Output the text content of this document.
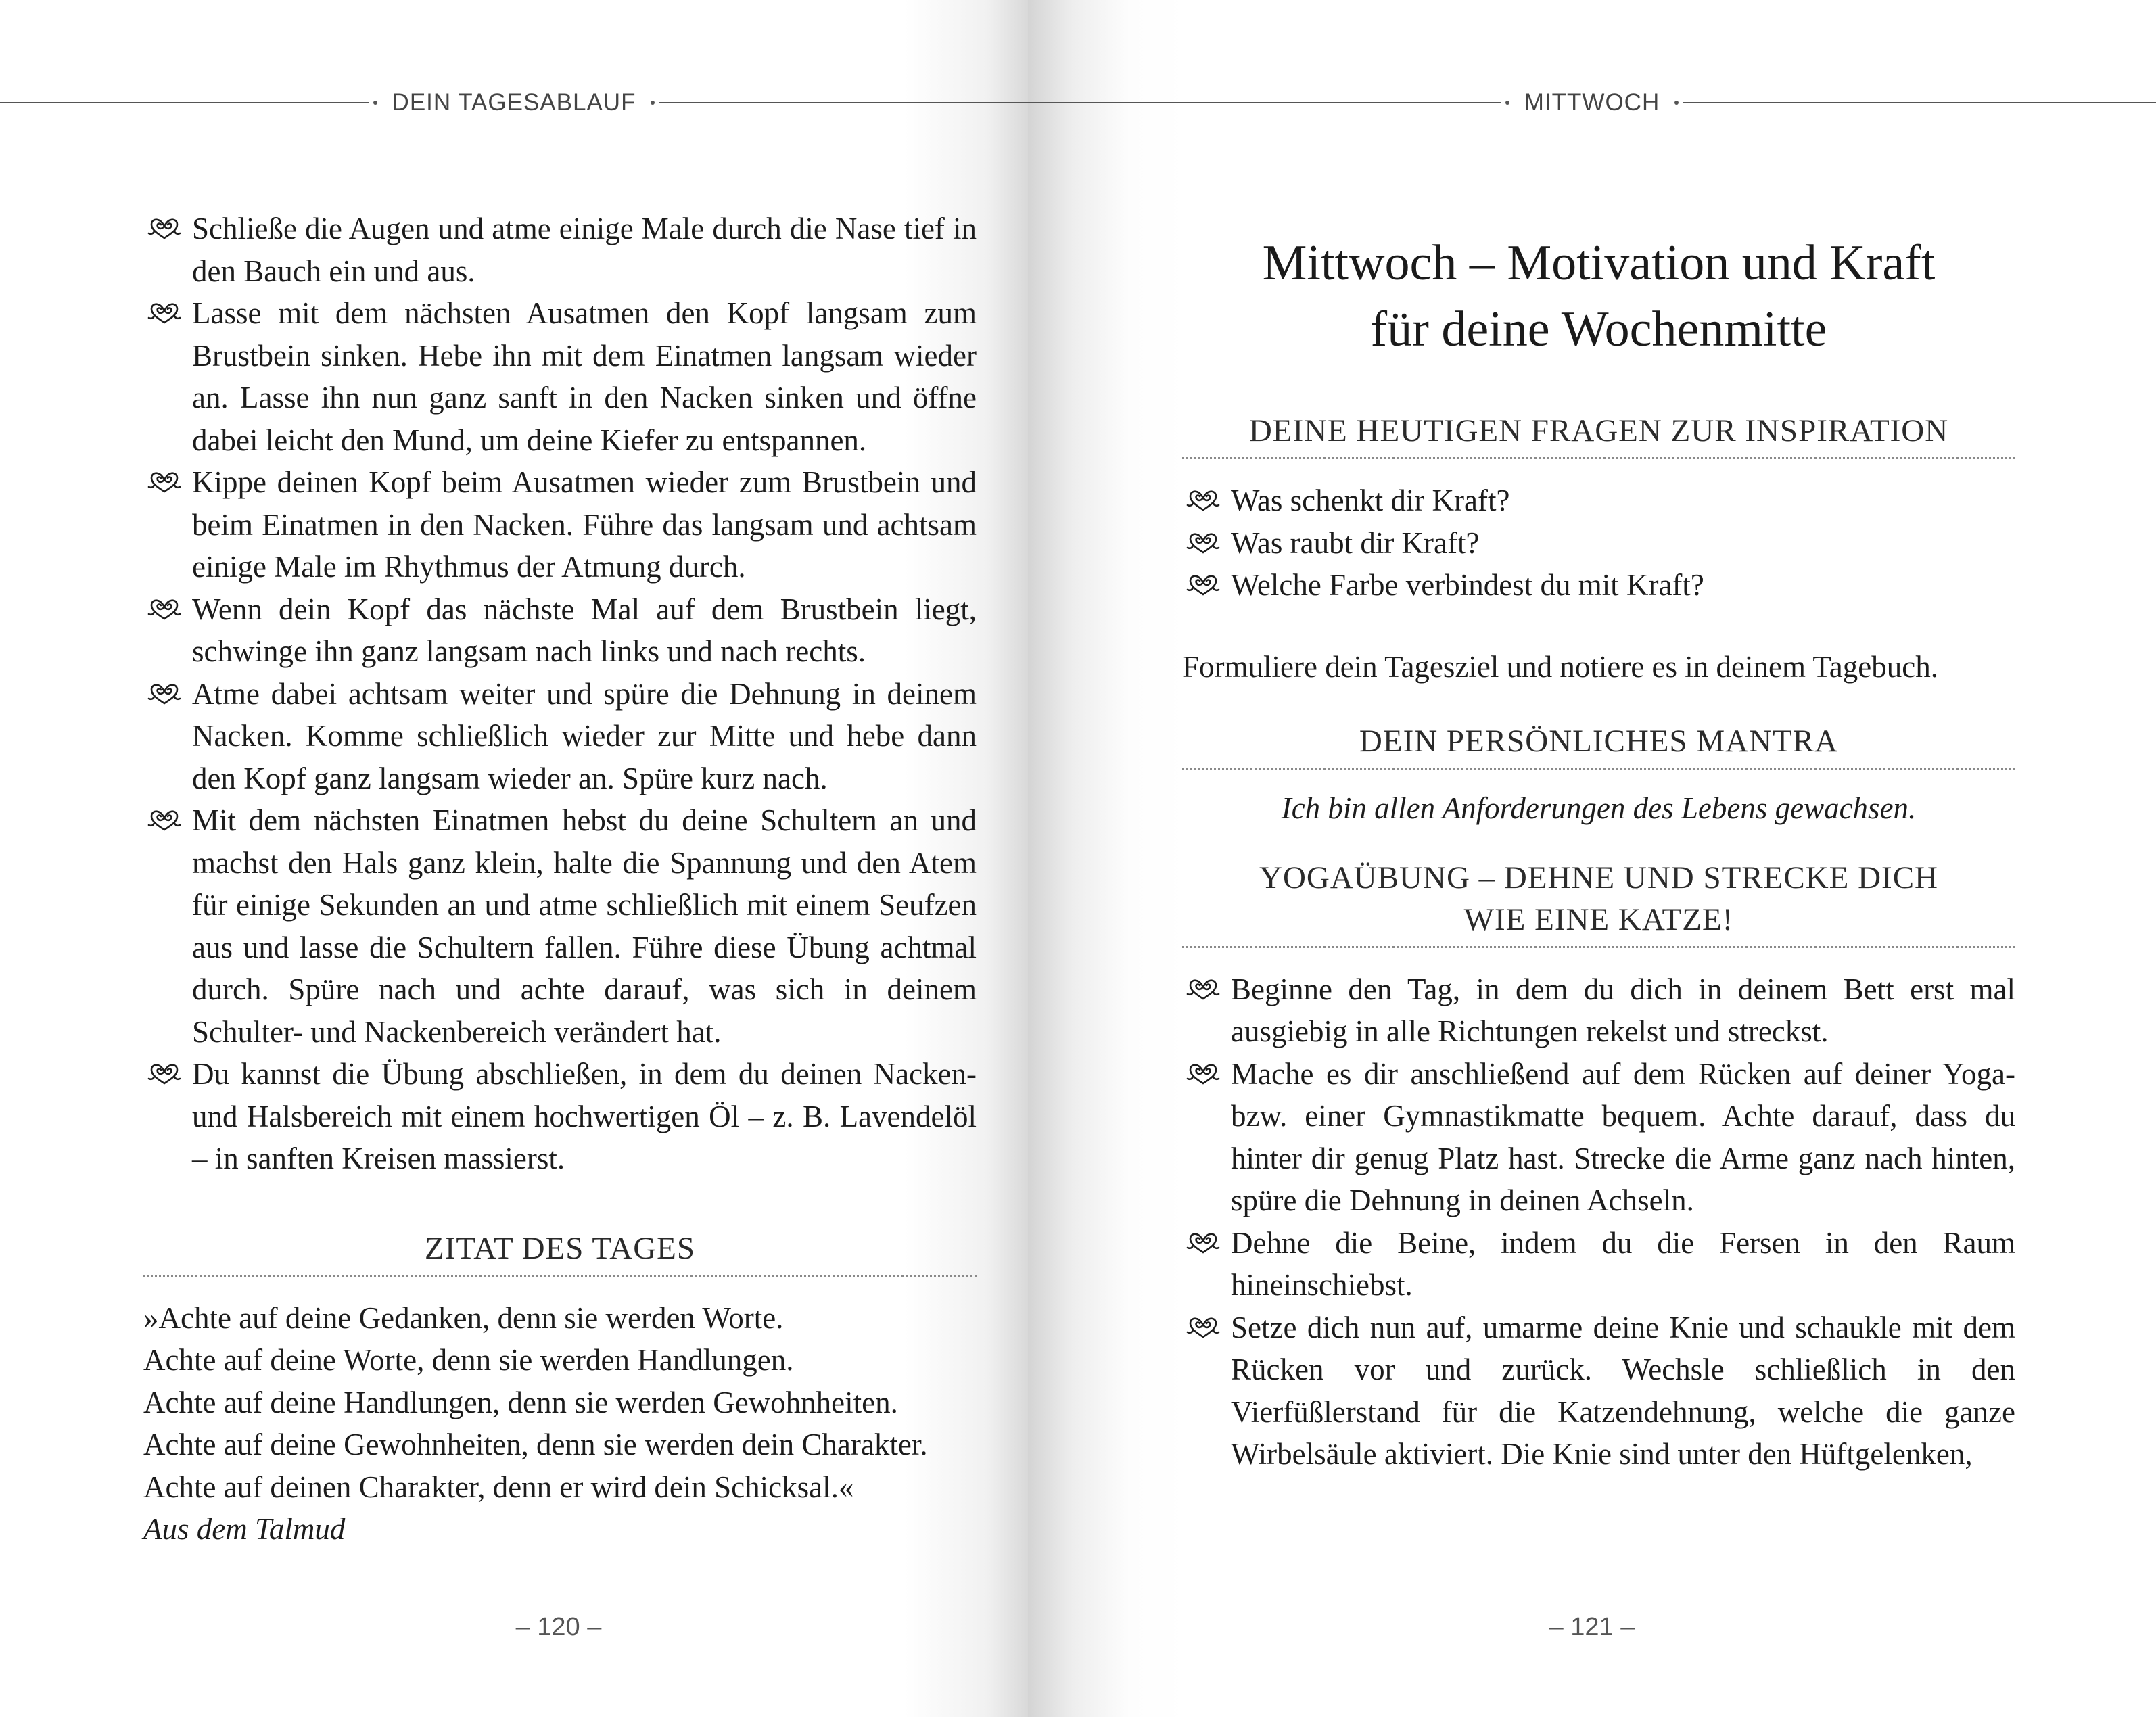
DEIN TAGESABLAUF
Schließe die Augen und atme einige Male durch die Nase tief in den Bauch ein und aus.
Lasse mit dem nächsten Ausatmen den Kopf langsam zum Brustbein sinken. Hebe ihn mit dem Einatmen langsam wieder an. Lasse ihn nun ganz sanft in den Nacken sinken und öffne dabei leicht den Mund, um deine Kiefer zu entspannen.
Kippe deinen Kopf beim Ausatmen wieder zum Brustbein und beim Einatmen in den Nacken. Führe das langsam und achtsam einige Male im Rhythmus der Atmung durch.
Wenn dein Kopf das nächste Mal auf dem Brustbein liegt, schwinge ihn ganz langsam nach links und nach rechts.
Atme dabei achtsam weiter und spüre die Dehnung in deinem Nacken. Komme schließlich wieder zur Mitte und hebe dann den Kopf ganz langsam wieder an. Spüre kurz nach.
Mit dem nächsten Einatmen hebst du deine Schultern an und machst den Hals ganz klein, halte die Spannung und den Atem für einige Sekunden an und atme schließlich mit einem Seufzen aus und lasse die Schultern fallen. Führe diese Übung achtmal durch. Spüre nach und achte darauf, was sich in deinem Schulter- und Nackenbereich verändert hat.
Du kannst die Übung abschließen, in dem du deinen Nacken- und Halsbereich mit einem hochwertigen Öl – z. B. Lavendelöl – in sanften Kreisen massierst.
ZITAT DES TAGES

»Achte auf deine Gedanken, denn sie werden Worte.

Achte auf deine Worte, denn sie werden Handlungen.

Achte auf deine Handlungen, denn sie werden Gewohnheiten.

Achte auf deine Gewohnheiten, denn sie werden dein Charakter.

Achte auf deinen Charakter, denn er wird dein Schicksal.«

Aus dem Talmud

– 120 –
MITTWOCH
Mittwoch – Motivation und Kraft
für deine Wochenmitte
DEINE HEUTIGEN FRAGEN ZUR INSPIRATION
Was schenkt dir Kraft?
Was raubt dir Kraft?
Welche Farbe verbindest du mit Kraft?

Formuliere dein Tagesziel und notiere es in deinem Tagebuch.

DEIN PERSÖNLICHES MANTRA

Ich bin allen Anforderungen des Lebens gewachsen.

YOGAÜBUNG – DEHNE UND STRECKE DICH
WIE EINE KATZE!
Beginne den Tag, in dem du dich in deinem Bett erst mal ausgiebig in alle Richtungen rekelst und streckst.
Mache es dir anschließend auf dem Rücken auf deiner Yoga- bzw. einer Gymnastikmatte bequem. Achte darauf, dass du hinter dir genug Platz hast. Strecke die Arme ganz nach hinten, spüre die Dehnung in deinen Achseln.
Dehne die Beine, indem du die Fersen in den Raum hineinschiebst.
Setze dich nun auf, umarme deine Knie und schaukle mit dem Rücken vor und zurück. Wechsle schließlich in den Vierfüßlerstand für die Katzendehnung, welche die ganze Wirbelsäule aktiviert. Die Knie sind unter den Hüftgelenken,
– 121 –
